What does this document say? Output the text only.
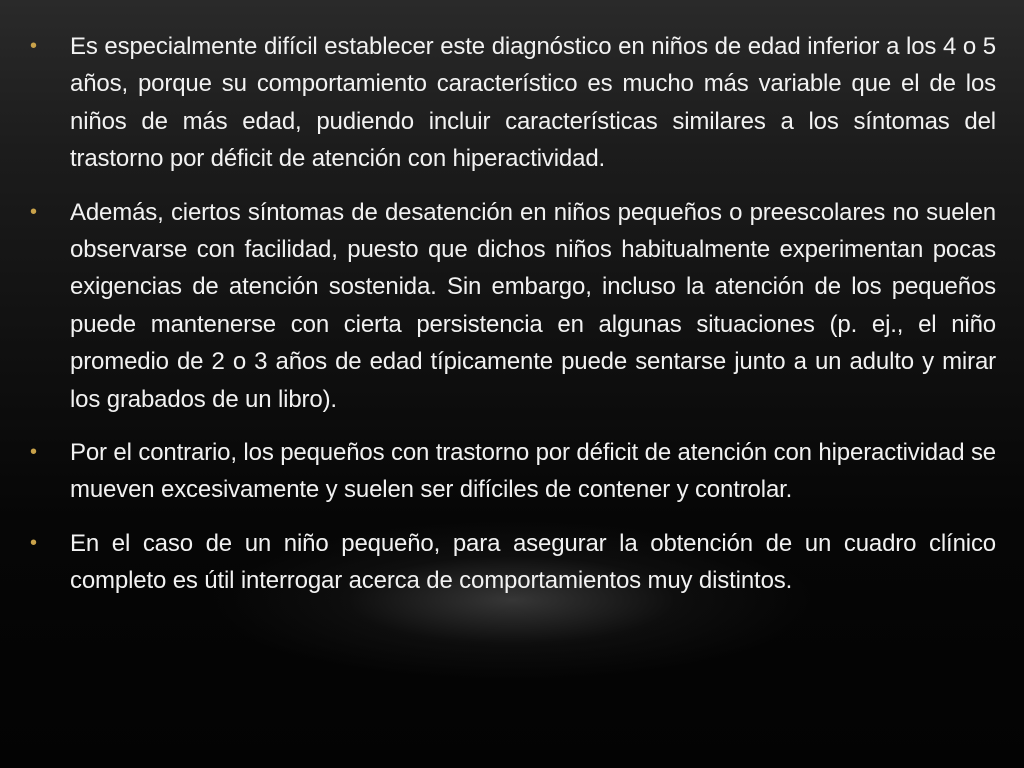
• Es especialmente difícil establecer este diagnóstico en niños de edad inferior a los 4 o 5 años, porque su comportamiento característico es mucho más variable que el de los niños de más edad, pudiendo incluir características similares a los síntomas del trastorno por déficit de atención con hiperactividad.
• Además, ciertos síntomas de desatención en niños pequeños o preescolares no suelen observarse con facilidad, puesto que dichos niños habitualmente experimentan pocas exigencias de atención sostenida. Sin embargo, incluso la atención de los pequeños puede mantenerse con cierta persistencia en algunas situaciones (p. ej., el niño promedio de 2 o 3 años de edad típicamente puede sentarse junto a un adulto y mirar los grabados de un libro).
• Por el contrario, los pequeños con trastorno por déficit de atención con hiperactividad se mueven excesivamente y suelen ser difíciles de contener y controlar.
• En el caso de un niño pequeño, para asegurar la obtención de un cuadro clínico completo es útil interrogar acerca de comportamientos muy distintos.
